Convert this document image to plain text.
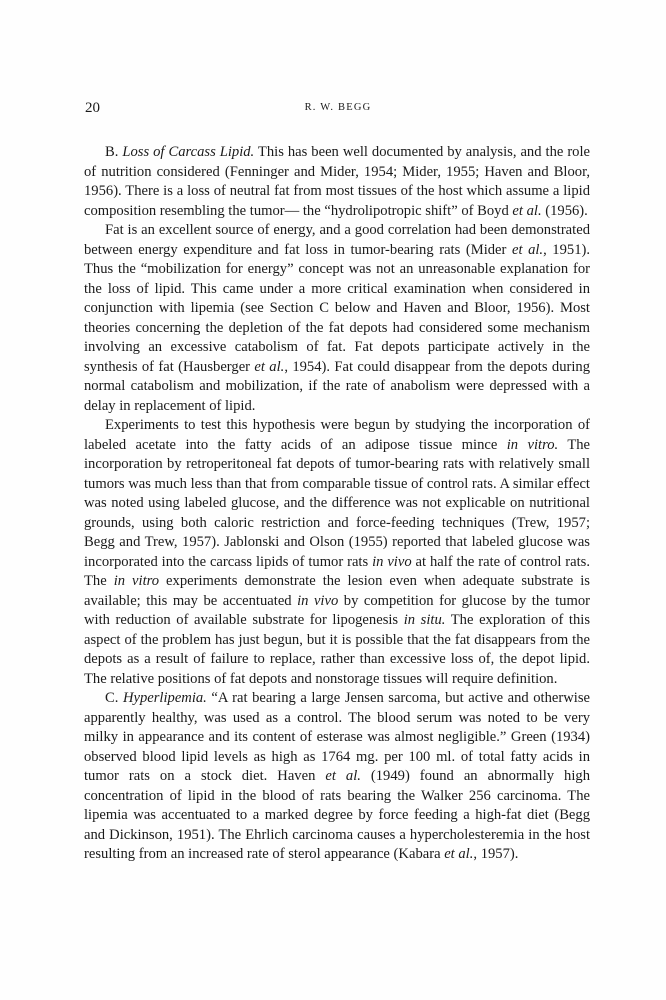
20	R. W. BEGG

B. Loss of Carcass Lipid. This has been well documented by analysis, and the role of nutrition considered (Fenninger and Mider, 1954; Mider, 1955; Haven and Bloor, 1956). There is a loss of neutral fat from most tissues of the host which assume a lipid composition resembling the tumor— the “hydrolipotropic shift” of Boyd et al. (1956).

Fat is an excellent source of energy, and a good correlation had been demonstrated between energy expenditure and fat loss in tumor-bearing rats (Mider et al., 1951). Thus the “mobilization for energy” concept was not an unreasonable explanation for the loss of lipid. This came under a more critical examination when considered in conjunction with lipemia (see Section C below and Haven and Bloor, 1956). Most theories concerning the depletion of the fat depots had considered some mechanism involving an excessive catabolism of fat. Fat depots participate actively in the synthesis of fat (Hausberger et al., 1954). Fat could disappear from the depots during normal catabolism and mobilization, if the rate of anabolism were depressed with a delay in replacement of lipid.

Experiments to test this hypothesis were begun by studying the incorporation of labeled acetate into the fatty acids of an adipose tissue mince in vitro. The incorporation by retroperitoneal fat depots of tumor-bearing rats with relatively small tumors was much less than that from comparable tissue of control rats. A similar effect was noted using labeled glucose, and the difference was not explicable on nutritional grounds, using both caloric restriction and force-feeding techniques (Trew, 1957; Begg and Trew, 1957). Jablonski and Olson (1955) reported that labeled glucose was incorporated into the carcass lipids of tumor rats in vivo at half the rate of control rats. The in vitro experiments demonstrate the lesion even when adequate substrate is available; this may be accentuated in vivo by competition for glucose by the tumor with reduction of available substrate for lipogenesis in situ. The exploration of this aspect of the problem has just begun, but it is possible that the fat disappears from the depots as a result of failure to replace, rather than excessive loss of, the depot lipid. The relative positions of fat depots and nonstorage tissues will require definition.

C. Hyperlipemia. “A rat bearing a large Jensen sarcoma, but active and otherwise apparently healthy, was used as a control. The blood serum was noted to be very milky in appearance and its content of esterase was almost negligible.” Green (1934) observed blood lipid levels as high as 1764 mg. per 100 ml. of total fatty acids in tumor rats on a stock diet. Haven et al. (1949) found an abnormally high concentration of lipid in the blood of rats bearing the Walker 256 carcinoma. The lipemia was accentuated to a marked degree by force feeding a high-fat diet (Begg and Dickinson, 1951). The Ehrlich carcinoma causes a hypercholesteremia in the host resulting from an increased rate of sterol appearance (Kabara et al., 1957).
